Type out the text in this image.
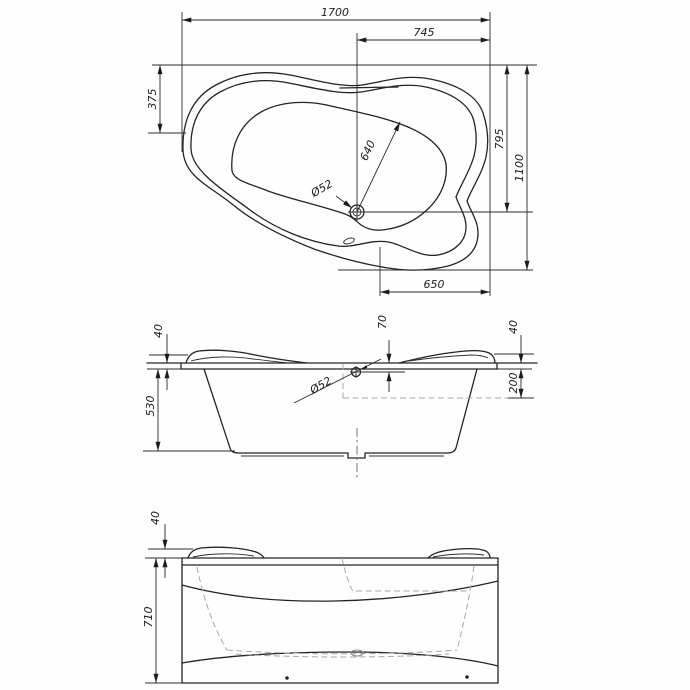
1700
745
375
795
1100
650
640
Ø52
40
530
70	40
200
Ø52
40
710
